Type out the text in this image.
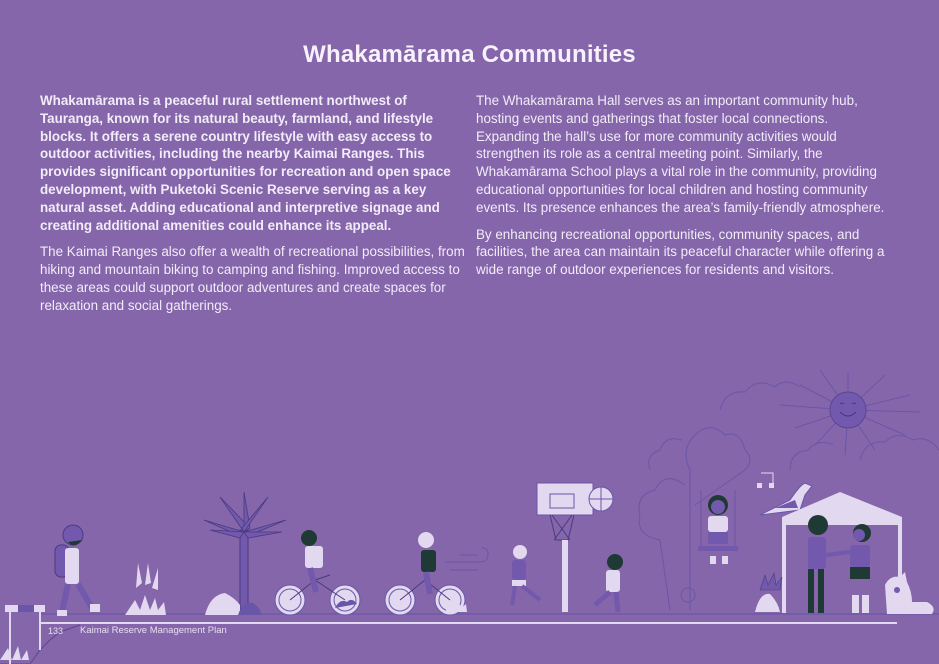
Whakamārama Communities

Whakamārama is a peaceful rural settlement northwest of Tauranga, known for its natural beauty, farmland, and lifestyle blocks. It offers a serene country lifestyle with easy access to outdoor activities, including the nearby Kaimai Ranges. This provides significant opportunities for recreation and open space development, with Puketoki Scenic Reserve serving as a key natural asset. Adding educational and interpretive signage and creating additional amenities could enhance its appeal.

The Kaimai Ranges also offer a wealth of recreational possibilities, from hiking and mountain biking to camping and fishing. Improved access to these areas could support outdoor adventures and create spaces for relaxation and social gatherings.

The Whakamārama Hall serves as an important community hub, hosting events and gatherings that foster local connections. Expanding the hall’s use for more community activities would strengthen its role as a central meeting point. Similarly, the Whakamārama School plays a vital role in the community, providing educational opportunities for local children and hosting community events. Its presence enhances the area’s family-friendly atmosphere.

By enhancing recreational opportunities, community spaces, and facilities, the area can maintain its peaceful character while offering a wide range of outdoor experiences for residents and visitors.

133 Kaimai Reserve Management Plan
